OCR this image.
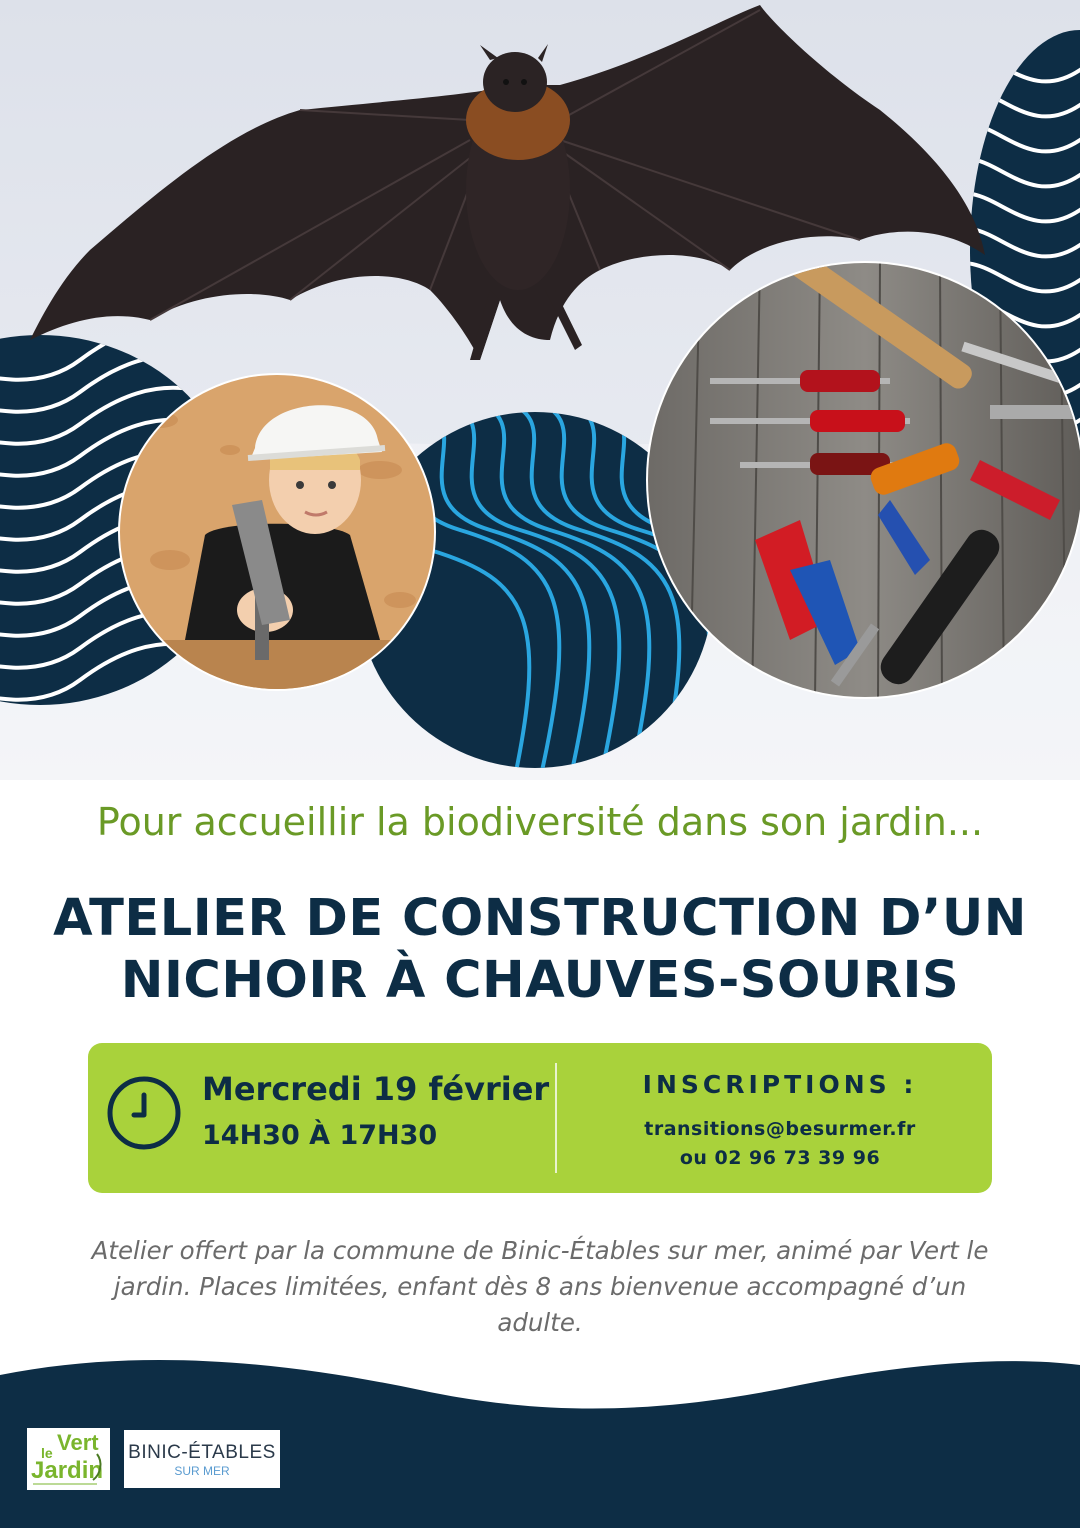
Pour accueillir la biodiversité dans son jardin...
ATELIER DE CONSTRUCTION D’UN
NICHOIR À CHAUVES-SOURIS
Mercredi 19 février
14H30 À 17H30
INSCRIPTIONS :
transitions@besurmer.fr
ou 02 96 73 39 96
Atelier offert par la commune de Binic-Étables sur mer, animé par Vert le jardin. Places limitées, enfant dès 8 ans bienvenue accompagné d’un adulte.
Vert
le
Jardin
BINIC-ÉTABLES
SUR MER
